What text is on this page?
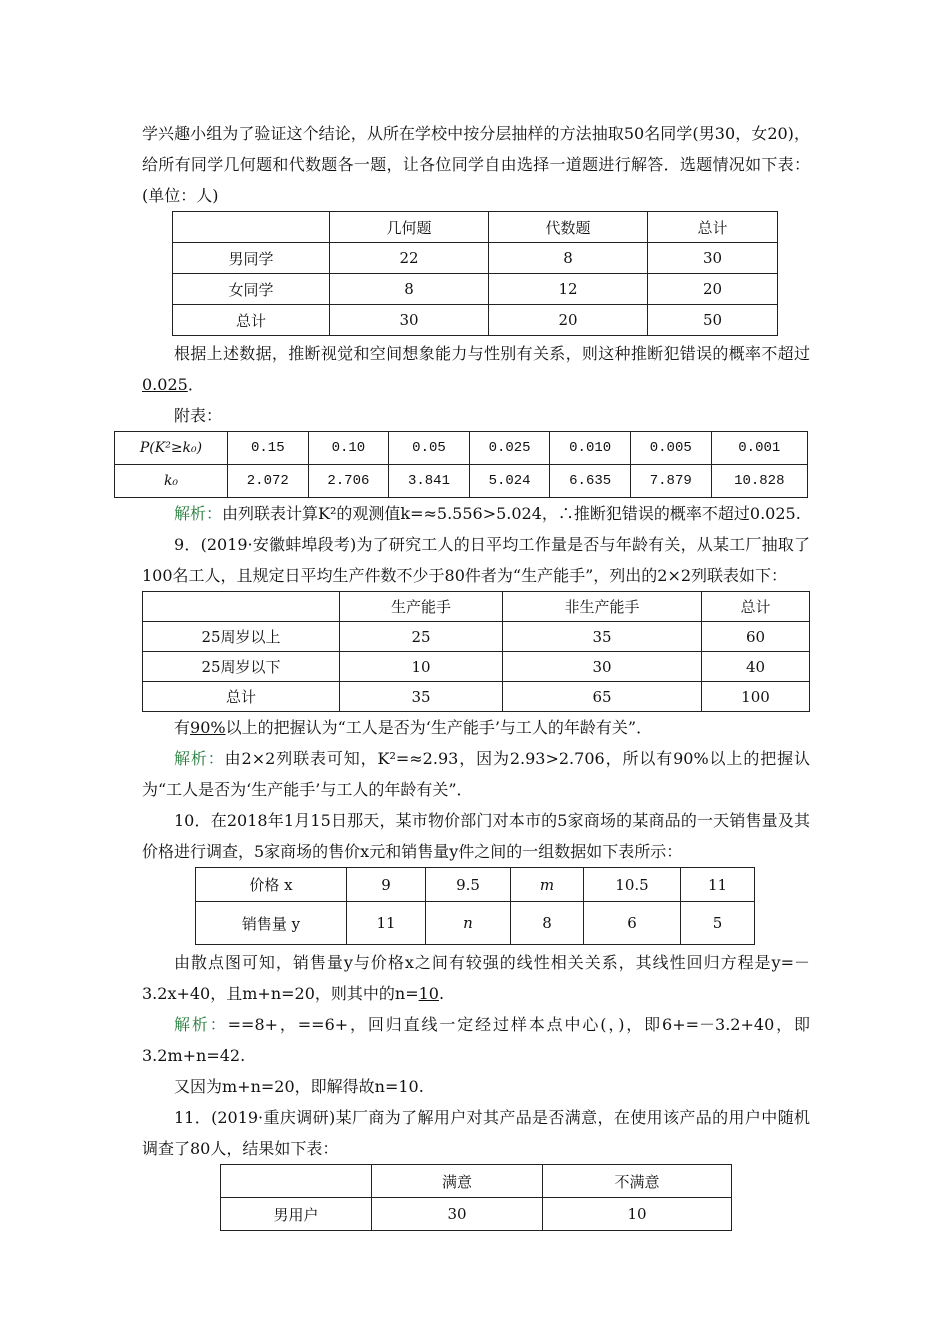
学兴趣小组为了验证这个结论，从所在学校中按分层抽样的方法抽取50名同学(男30，女20)，给所有同学几何题和代数题各一题，让各位同学自由选择一道题进行解答．选题情况如下表：(单位：人)

	几何题	代数题	总计
男同学	22	8	30
女同学	8	12	20
总计	30	20	50

根据上述数据，推断视觉和空间想象能力与性别有关系，则这种推断犯错误的概率不超过0.025．

附表：

P(K²≥k₀)	0.15	0.10	0.05	0.025	0.010	0.005	0.001
k₀	2.072	2.706	3.841	5.024	6.635	7.879	10.828

解析：由列联表计算K²的观测值k=≈5.556>5.024，∴推断犯错误的概率不超过0.025.

9．(2019·安徽蚌埠段考)为了研究工人的日平均工作量是否与年龄有关，从某工厂抽取了100名工人，且规定日平均生产件数不少于80件者为“生产能手”，列出的2×2列联表如下：

	生产能手	非生产能手	总计
25周岁以上	25	35	60
25周岁以下	10	30	40
总计	35	65	100

有90%以上的把握认为“工人是否为‘生产能手’与工人的年龄有关”．

解析：由2×2列联表可知，K²=≈2.93，因为2.93>2.706，所以有90%以上的把握认为“工人是否为‘生产能手’与工人的年龄有关”．

10．在2018年1月15日那天，某市物价部门对本市的5家商场的某商品的一天销售量及其价格进行调查，5家商场的售价x元和销售量y件之间的一组数据如下表所示：

价格 x	9	9.5	m	10.5	11
销售量 y	11	n	8	6	5

由散点图可知，销售量y与价格x之间有较强的线性相关关系，其线性回归方程是y=－3.2x+40，且m+n=20，则其中的n=10.

解析：==8+，==6+，回归直线一定经过样本点中心(，)，即6+=－3.2+40，即3.2m+n=42.

又因为m+n=20，即解得故n=10.

11．(2019·重庆调研)某厂商为了解用户对其产品是否满意，在使用该产品的用户中随机调查了80人，结果如下表：

	满意	不满意
男用户	30	10
